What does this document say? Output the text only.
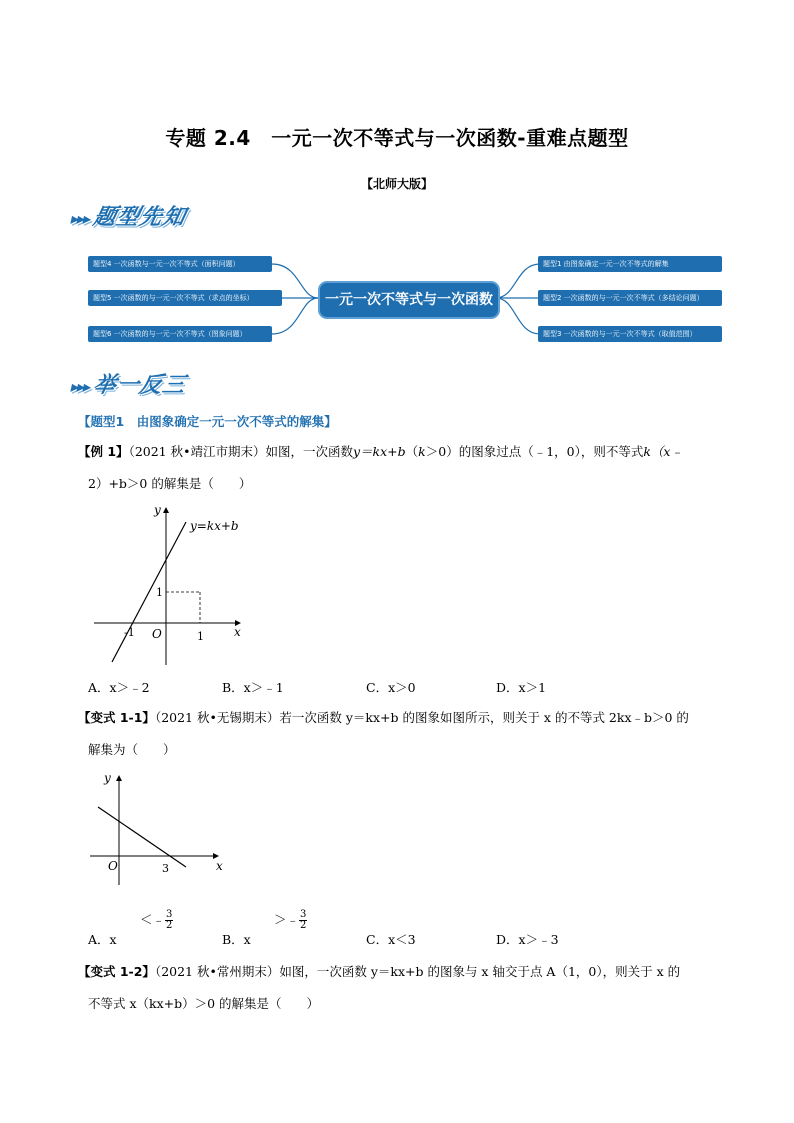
专题 2.4　一元一次不等式与一次函数-重难点题型
【北师大版】
▸▸▸题型先知
题型4 一次函数与一元一次不等式（面积问题）
题型5 一次函数的与一元一次不等式（求点的坐标）
题型6 一次函数的与一元一次不等式（图象问题）
一元一次不等式与一次函数
题型1 由图象确定一元一次不等式的解集
题型2 一次函数的与一元一次不等式（多结论问题）
题型3 一次函数的与一元一次不等式（取值范围）
▸▸▸举一反三
【题型1　由图象确定一元一次不等式的解集】
【例 1】（2021 秋•靖江市期末）如图，一次函数y＝kx+b（k＞0）的图象过点（﹣1，0），则不等式k（x﹣
2）+b＞0 的解集是（　　）
y
y=kx+b
x
O
-1	1
1
A．x＞﹣2	B．x＞﹣1	C．x＞0	D．x＞1
【变式 1-1】（2021 秋•无锡期末）若一次函数 y＝kx+b 的图象如图所示，则关于 x 的不等式 2kx﹣b＞0 的
解集为（　　）
y
x
O	3
A．x
＜﹣ $\frac{3}{2}$
B．x
＞﹣ $\frac{3}{2}$
C．x＜3	D．x＞﹣3
【变式 1-2】（2021 秋•常州期末）如图，一次函数 y＝kx+b 的图象与 x 轴交于点 A（1，0），则关于 x 的
不等式 x（kx+b）＞0 的解集是（　　）
